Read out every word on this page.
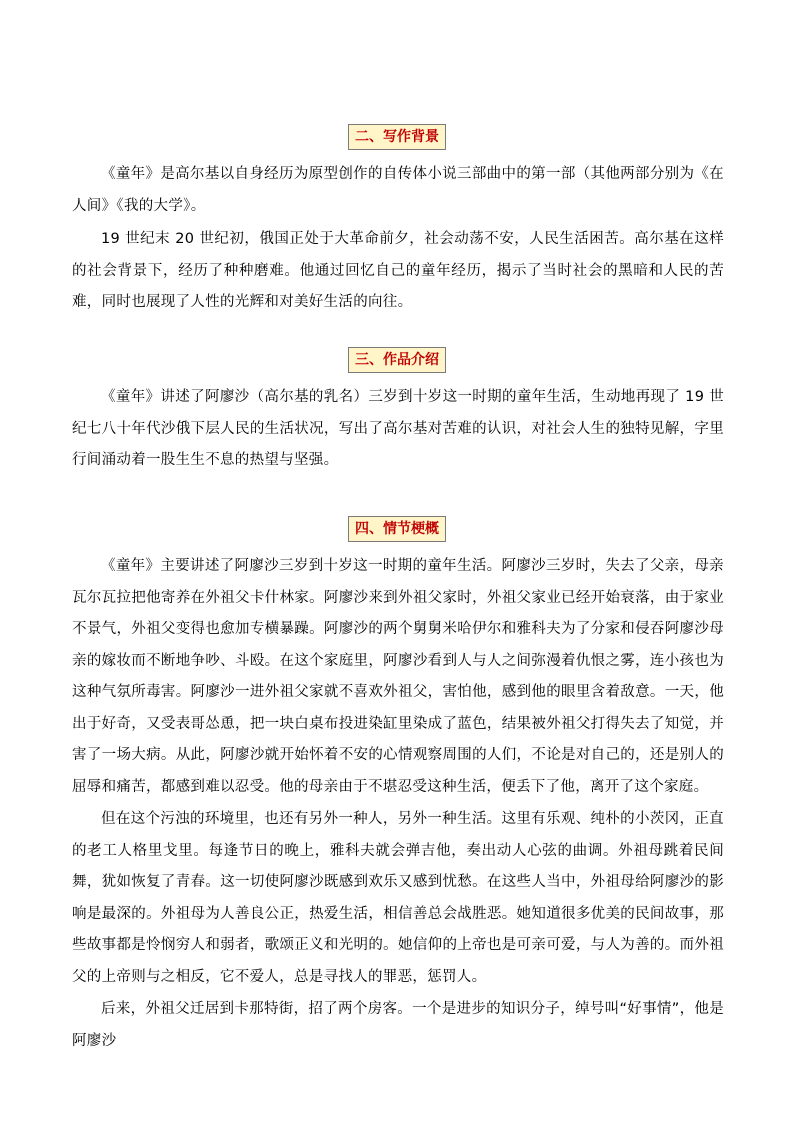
二、写作背景

《童年》是高尔基以自身经历为原型创作的自传体小说三部曲中的第一部（其他两部分别为《在人间》《我的大学》。

19 世纪末 20 世纪初，俄国正处于大革命前夕，社会动荡不安，人民生活困苦。高尔基在这样的社会背景下，经历了种种磨难。他通过回忆自己的童年经历，揭示了当时社会的黑暗和人民的苦难，同时也展现了人性的光辉和对美好生活的向往。

三、作品介绍

《童年》讲述了阿廖沙（高尔基的乳名）三岁到十岁这一时期的童年生活，生动地再现了 19 世纪七八十年代沙俄下层人民的生活状况，写出了高尔基对苦难的认识，对社会人生的独特见解，字里行间涌动着一股生生不息的热望与坚强。

四、情节梗概

《童年》主要讲述了阿廖沙三岁到十岁这一时期的童年生活。阿廖沙三岁时，失去了父亲，母亲瓦尔瓦拉把他寄养在外祖父卡什林家。阿廖沙来到外祖父家时，外祖父家业已经开始衰落，由于家业不景气，外祖父变得也愈加专横暴躁。阿廖沙的两个舅舅米哈伊尔和雅科夫为了分家和侵吞阿廖沙母亲的嫁妆而不断地争吵、斗殴。在这个家庭里，阿廖沙看到人与人之间弥漫着仇恨之雾，连小孩也为这种气氛所毒害。阿廖沙一进外祖父家就不喜欢外祖父，害怕他，感到他的眼里含着敌意。一天，他出于好奇，又受表哥怂恿，把一块白桌布投进染缸里染成了蓝色，结果被外祖父打得失去了知觉，并害了一场大病。从此，阿廖沙就开始怀着不安的心情观察周围的人们，不论是对自己的，还是别人的屈辱和痛苦，都感到难以忍受。他的母亲由于不堪忍受这种生活，便丢下了他，离开了这个家庭。

但在这个污浊的环境里，也还有另外一种人，另外一种生活。这里有乐观、纯朴的小茨冈，正直的老工人格里戈里。每逢节日的晚上，雅科夫就会弹吉他，奏出动人心弦的曲调。外祖母跳着民间舞，犹如恢复了青春。这一切使阿廖沙既感到欢乐又感到忧愁。在这些人当中，外祖母给阿廖沙的影响是最深的。外祖母为人善良公正，热爱生活，相信善总会战胜恶。她知道很多优美的民间故事，那些故事都是怜悯穷人和弱者，歌颂正义和光明的。她信仰的上帝也是可亲可爱，与人为善的。而外祖父的上帝则与之相反，它不爱人，总是寻找人的罪恶，惩罚人。

后来，外祖父迁居到卡那特街，招了两个房客。一个是进步的知识分子，绰号叫“好事情”，他是阿廖沙
